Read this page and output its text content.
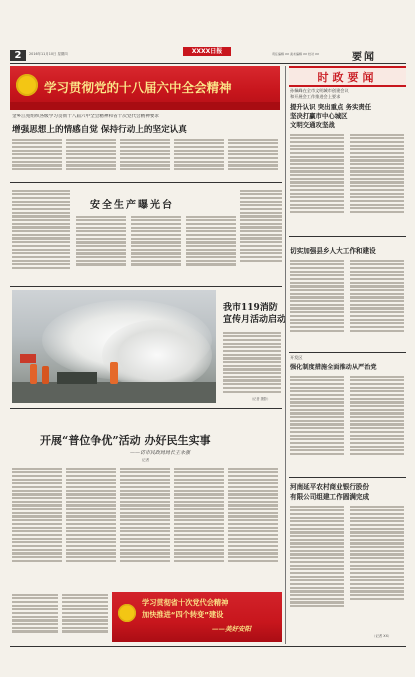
2	2016年11月10日 星期四	XXXX日报	责任编辑 XX 美术编辑 XX 校对 XX	要闻
学习贯彻党的十八届六中全会精神
金乡江苑组织各级学习贯彻十八届六中全会精神和省十次党代会精神要求
增强思想上的情感自觉 保持行动上的坚定认真
安全生产曝光台
我市119消防
宣传月活动启动
（记者 摄影）
开展“普位争优”活动 办好民生实事
——访市民政局局长王永强
记者
学习贯彻省十次党代会精神
加快推进“四个转变”建设
——美好安阳
时政要闻
孙佩峰在全市文明城市创建会议
和开展会工作推进会上要求
提升认识 突出重点 务实责任
坚决打赢市中心城区
文明交通攻坚战
切实加强县乡人大工作和建设
开发区
强化制度措施全面推动从严治党
河南延平农村商业银行股份
有限公司组建工作圆满完成
（记者 XX）
